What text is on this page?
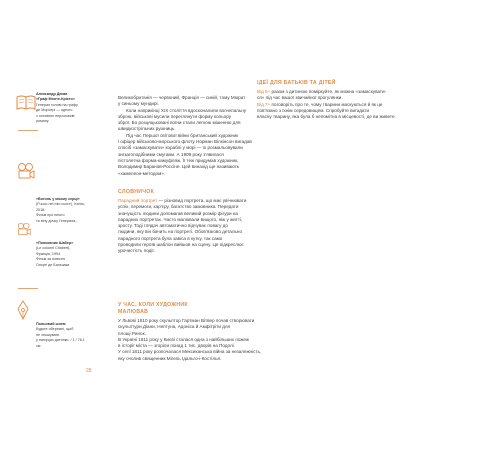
Александр Дюма
«Граф Монте-Крісто»
Генерал голові на графу
де Морсері — одного
з головних персонажів роману
«Вогонь у моєму серці»
(Fuoco nel mio cuore), Італія, 2018.
Фільм про юного
та юну дочку Генерала...
«Полковник Шабер»
(Le colonel Chabert), Франція, 1994
Фільм за повістю
Оноре де Бальзака
Польовий шлем
Будьте обережні, щоб
не зношувати
у папірцях дитинки. / 1 / 76,1 см
Великобританія — червоний, Франція — синій, тому Мюрат
у синьому мундирі.
Коли наприкінці XIX століття вдосконалили вогнепальну
зброю, військові мусили переглянути форму кольору
зброї. Бо розцяцьковані воїни стали легкою мішенню для
швидкострільних рушниць.
Під час Першої світової війни британський художник
і офіцер військово-морського флоту Норман Вілкінсон вигадав
спосіб «замаскувати» кораблі у морі — їх розмальовували
зигзагоподібними смугами. А 1909 року з'явилася
пістолетна форма-камуфляж. Її теж придумав художник,
Володимир Баранов-Россіне. Цей винахід ще називають
«хамелеон-методом».
СЛОВНИЧОК
Парадний портрет — різновид портрета, що має увічнювати
успіх, перемоги, кар'єру, багатство замовника. Передати
значущість людини допомагав великий розмір фігури на
парадних портретах. Часто малювали вищого, ніж у житті,
зросту. Тоді глядач автоматично відчуває повагу до
людини, яку він бачить на портреті. Обов'язково детально
парадного портрета була завіса в кутку, так само
проводили героїв шаблон вийшов на сцену. Це підкреслює
урочистість події.
У ЧАС, КОЛИ ХУДОЖНИК
МАЛЮВАВ
У Львові 1810 року скульптор Гартман Вітвер почав створювати
скульптури Діани, Нептуна, Адоніса й Амфітріти для
площі Ринок.
В Україні 1811 року у Києві сталася одна з найбільших пожеж
в історії міста — згоріли понад 1 тис. дворів на Подолі.
У селі 1811 року розпочалася Мексиканська війна за незалежність,
яку очолив священник Мігель Ідальго-і-Костілья.
28
ІДЕЇ ДЛЯ БАТЬКІВ ТА ДІТЕЙ
Від 5+ разом з дитиною поміркуйте, як можна «замаскувати-
ся» під час вашої звичайної прогулянки.
Від 7+ поговоріть про те, чому тварини маскуються й як це
пов'язано з їхнім середовищем. Спробуйте вигадати
власну тварину, яка була б непомітна в місцевості, де ви живете.
